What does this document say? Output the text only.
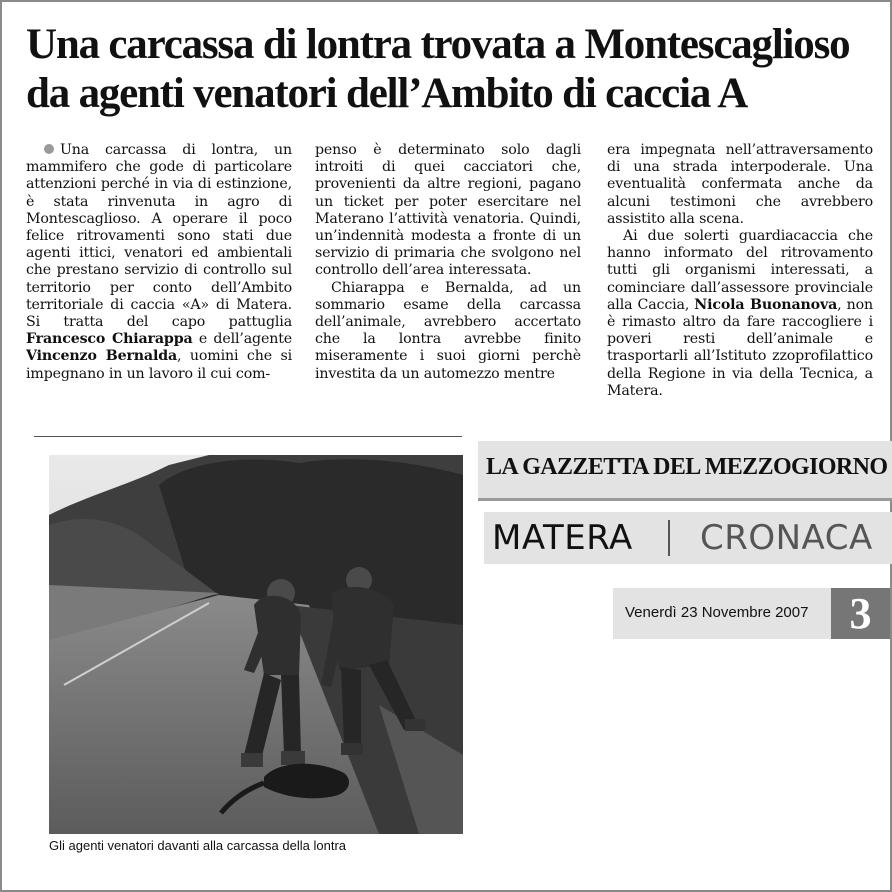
Una carcassa di lontra trovata a Montescaglioso
da agenti venatori dell’Ambito di caccia A

Una carcassa di lontra, un mammifero che gode di particolare attenzioni perché in via di estinzione, è stata rinvenuta in agro di Montescaglioso. A operare il poco felice ritrovamenti sono stati due agenti ittici, venatori ed ambientali che prestano servizio di controllo sul territorio per conto dell’Ambito territoriale di caccia «A» di Matera. Si tratta del capo pattuglia Francesco Chiarappa e dell’agente Vincenzo Bernalda, uomini che si impegnano in un lavoro il cui com-

penso è determinato solo dagli introiti di quei cacciatori che, provenienti da altre regioni, pagano un ticket per poter esercitare nel Materano l’attività venatoria. Quindi, un’indennità modesta a fronte di un servizio di primaria che svolgono nel controllo dell’area interessata.

Chiarappa e Bernalda, ad un sommario esame della carcassa dell’animale, avrebbero accertato che la lontra avrebbe finito miseramente i suoi giorni perchè investita da un automezzo mentre

era impegnata nell’attraversamento di una strada interpoderale. Una eventualità confermata anche da alcuni testimoni che avrebbero assistito alla scena.

Ai due solerti guardiacaccia che hanno informato del ritrovamento tutti gli organismi interessati, a cominciare dall’assessore provinciale alla Caccia, Nicola Buonanova, non è rimasto altro da fare raccogliere i poveri resti dell’animale e trasportarli all’Istituto zzoprofilattico della Regione in via della Tecnica, a Matera.

Gli agenti venatori davanti alla carcassa della lontra
LA GAZZETTA DEL MEZZOGIORNO
MATERA CRONACA
Venerdì 23 Novembre 2007 3
